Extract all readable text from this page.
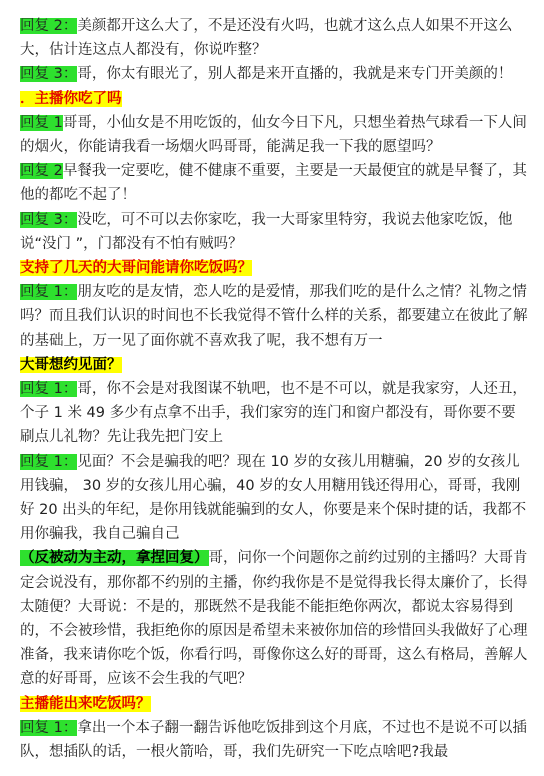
回复 2：美颜都开这么大了，不是还没有火吗，也就才这么点人如果不开这么大，估计连这点人都没有，你说咋整？

回复 3：哥，你太有眼光了，别人都是来开直播的，我就是来专门开美颜的！

．主播你吃了吗

回复 1哥哥，小仙女是不用吃饭的，仙女今日下凡，只想坐着热气球看一下人间的烟火，你能请我看一场烟火吗哥哥，能满足我一下我的愿望吗？

回复 2早餐我一定要吃，健不健康不重要，主要是一天最便宜的就是早餐了，其他的都吃不起了！

回复 3：没吃，可不可以去你家吃，我一大哥家里特穷，我说去他家吃饭，他说“没门 ”，门都没有不怕有贼吗？

支持了几天的大哥问能请你吃饭吗？

回复 1：朋友吃的是友情，恋人吃的是爱情，那我们吃的是什么之情？礼物之情吗？而且我们认识的时间也不长我觉得不管什么样的关系，都要建立在彼此了解的基础上，万一见了面你就不喜欢我了呢，我不想有万一

大哥想约见面？

回复 1：哥，你不会是对我图谋不轨吧，也不是不可以，就是我家穷，人还丑，个子 1 米 49 多少有点拿不出手，我们家穷的连门和窗户都没有，哥你要不要刷点儿礼物？先让我先把门安上

回复 1：见面？不会是骗我的吧？现在 10 岁的女孩儿用糖骗，20 岁的女孩儿用钱骗， 30 岁的女孩儿用心骗，40 岁的女人用糖用钱还得用心，哥哥，我刚好 20 出头的年纪，是你用钱就能骗到的女人，你要是来个保时捷的话，我都不用你骗我，我自己骗自己

（反被动为主动，拿捏回复）哥，问你一个问题你之前约过别的主播吗？大哥肯定会说没有，那你都不约别的主播，你约我你是不是觉得我长得太廉价了，长得太随便？大哥说：不是的，那既然不是我能不能拒绝你两次，都说太容易得到的，不会被珍惜，我拒绝你的原因是希望未来被你加倍的珍惜回头我做好了心理准备，我来请你吃个饭，你看行吗，哥像你这么好的哥哥，这么有格局，善解人意的好哥哥，应该不会生我的气吧？

主播能出来吃饭吗？

回复 1：拿出一个本子翻一翻告诉他吃饭排到这个月底，不过也不是说不可以插队，想插队的话，一根火箭哈，哥，我们先研究一下吃点啥吧?我最
